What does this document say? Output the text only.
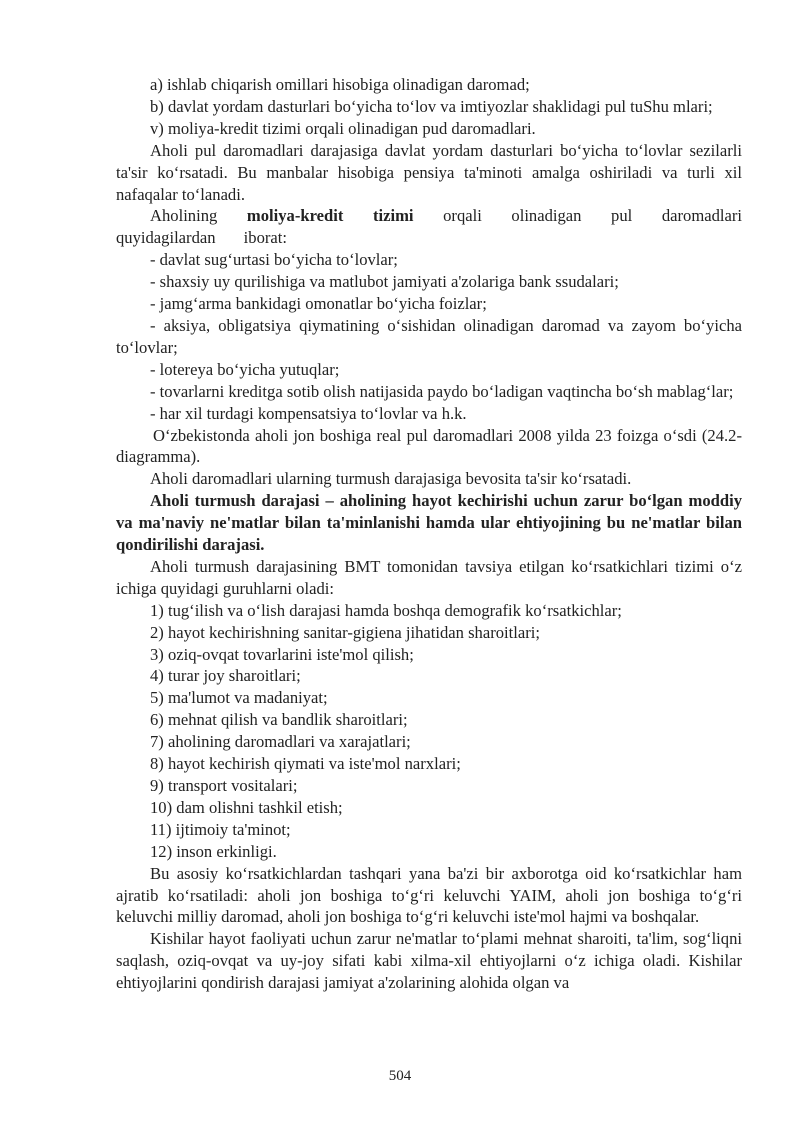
a) ishlab chiqarish omillari hisobiga olinadigan daromad;

b) davlat yordam dasturlari bo‘yicha to‘lov va imtiyozlar shaklidagi pul tuShu mlari;

v) moliya-kredit tizimi orqali olinadigan pud daromadlari.

Aholi pul daromadlari darajasiga davlat yordam dasturlari bo‘yicha to‘lovlar sezilarli ta'sir ko‘rsatadi. Bu manbalar hisobiga pensiya ta'minoti amalga oshiriladi va turli xil nafaqalar to‘lanadi.

Aholining moliya-kredit tizimi orqali olinadigan pul daromadlari quyidagilardan iborat:

- davlat sug‘urtasi bo‘yicha to‘lovlar;

- shaxsiy uy qurilishiga va matlubot jamiyati a'zolariga bank ssudalari;

- jamg‘arma bankidagi omonatlar bo‘yicha foizlar;

- aksiya, obligatsiya qiymatining o‘sishidan olinadigan daromad va zayom bo‘yicha to‘lovlar;

- lotereya bo‘yicha yutuqlar;

- tovarlarni kreditga sotib olish natijasida paydo bo‘ladigan vaqtincha bo‘sh mablag‘lar;

- har xil turdagi kompensatsiya to‘lovlar va h.k.

O‘zbekistonda aholi jon boshiga real pul daromadlari 2008 yilda 23 foizga o‘sdi (24.2-diagramma).

Aholi daromadlari ularning turmush darajasiga bevosita ta'sir ko‘rsatadi.

Aholi turmush darajasi – aholining hayot kechirishi uchun zarur bo‘lgan moddiy va ma'naviy ne'matlar bilan ta'minlanishi hamda ular ehtiyojining bu ne'matlar bilan qondirilishi darajasi.

Aholi turmush darajasining BMT tomonidan tavsiya etilgan ko‘rsatkichlari tizimi o‘z ichiga quyidagi guruhlarni oladi:

1) tug‘ilish va o‘lish darajasi hamda boshqa demografik ko‘rsatkichlar;

2) hayot kechirishning sanitar-gigiena jihatidan sharoitlari;

3) oziq-ovqat tovarlarini iste'mol qilish;

4) turar joy sharoitlari;

5) ma'lumot va madaniyat;

6) mehnat qilish va bandlik sharoitlari;

7) aholining daromadlari va xarajatlari;

8) hayot kechirish qiymati va iste'mol narxlari;

9) transport vositalari;

10) dam olishni tashkil etish;

11) ijtimoiy ta'minot;

12) inson erkinligi.

Bu asosiy ko‘rsatkichlardan tashqari yana ba'zi bir axborotga oid ko‘rsatkichlar ham ajratib ko‘rsatiladi: aholi jon boshiga to‘g‘ri keluvchi YAIM, aholi jon boshiga to‘g‘ri keluvchi milliy daromad, aholi jon boshiga to‘g‘ri keluvchi iste'mol hajmi va boshqalar.

Kishilar hayot faoliyati uchun zarur ne'matlar to‘plami mehnat sharoiti, ta'lim, sog‘liqni saqlash, oziq-ovqat va uy-joy sifati kabi xilma-xil ehtiyojlarni o‘z ichiga oladi. Kishilar ehtiyojlarini qondirish darajasi jamiyat a'zolarining alohida olgan va

504
